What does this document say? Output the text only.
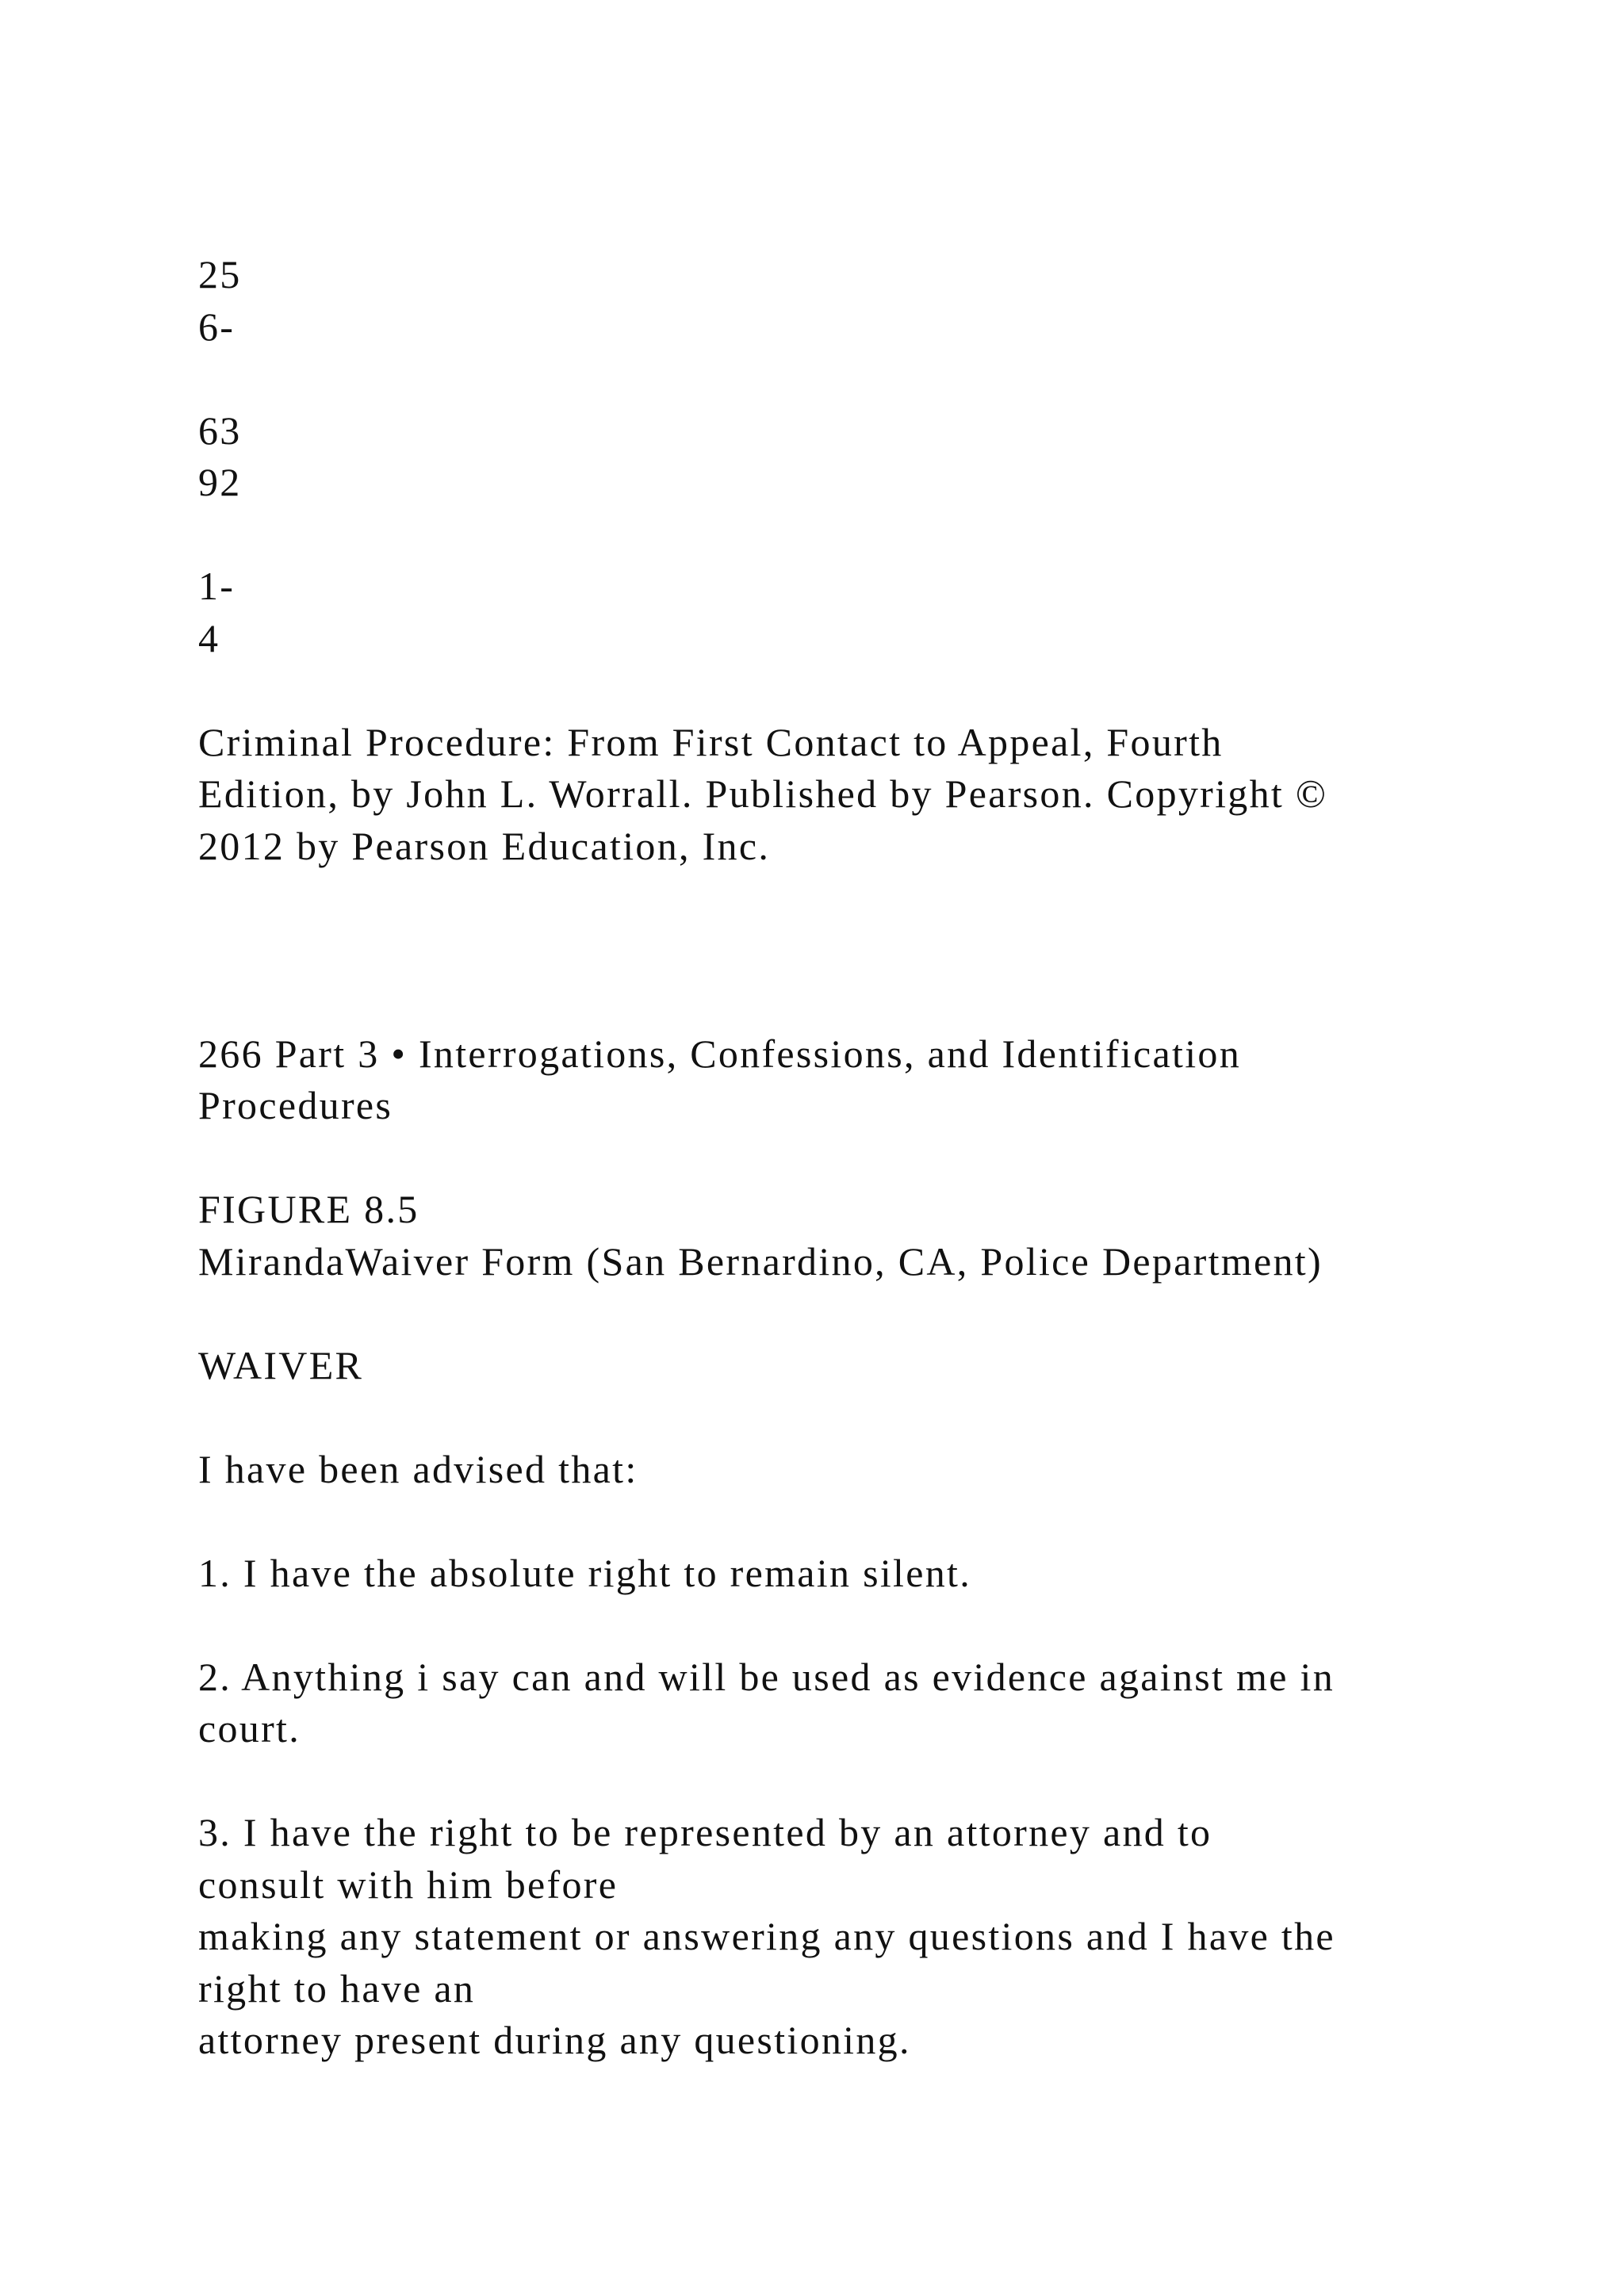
25
6-
63
92
1-
4
Criminal Procedure: From First Contact to Appeal, Fourth
Edition, by John L. Worrall. Published by Pearson. Copyright ©
2012 by Pearson Education, Inc.
266 Part 3 • Interrogations, Confessions, and Identification
Procedures
FIGURE 8.5
MirandaWaiver Form (San Bernardino, CA, Police Department)
WAIVER
I have been advised that:
1. I have the absolute right to remain silent.
2. Anything i say can and will be used as evidence against me in
court.
3. I have the right to be represented by an attorney and to
consult with him before
making any statement or answering any questions and I have the
right to have an
attorney present during any questioning.
